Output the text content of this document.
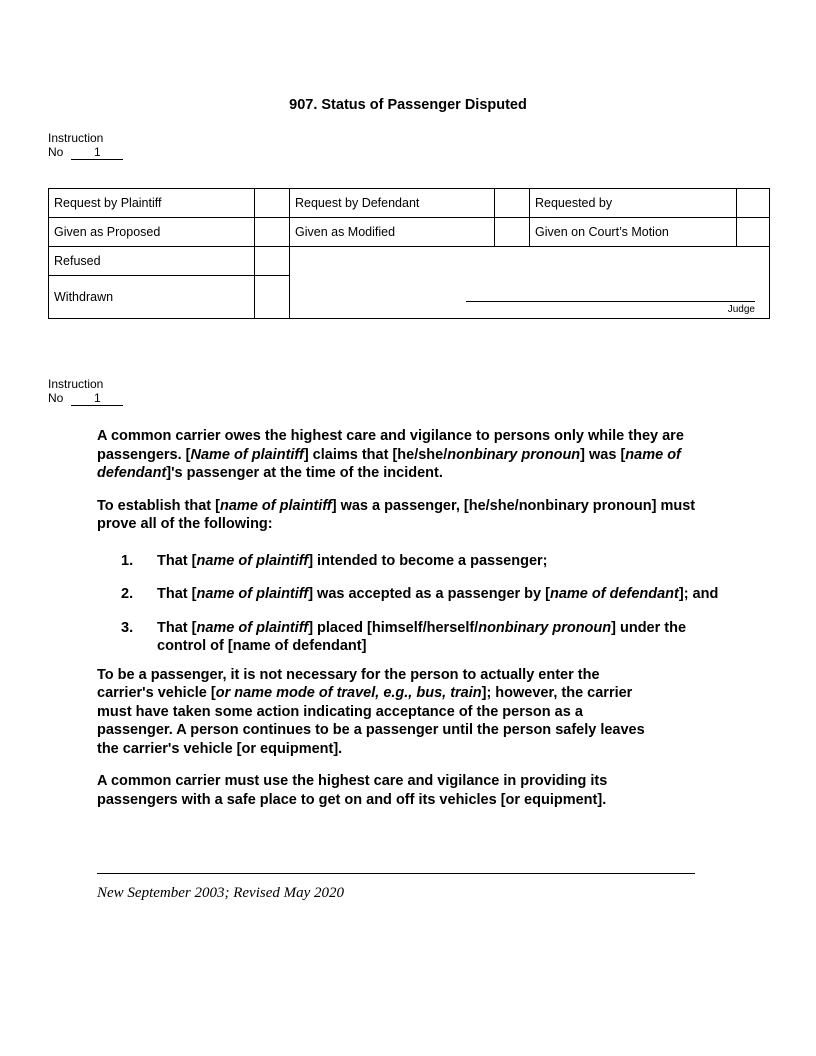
907. Status of Passenger Disputed
Instruction
No	1
Request by Plaintiff		Request by Defendant		Requested by	
Given as Proposed		Given as Modified		Given on Court’s Motion	
Refused		Judge			

Withdrawn					
Instruction
No	1

A common carrier owes the highest care and vigilance to persons only while they are passengers. [Name of plaintiff] claims that [he/she/nonbinary pronoun] was [name of defendant]'s passenger at the time of the incident.

To establish that [name of plaintiff] was a passenger, [he/she/nonbinary pronoun] must prove all of the following:

1. That [name of plaintiff] intended to become a passenger;
2. That [name of plaintiff] was accepted as a passenger by [name of defendant]; and
3. That [name of plaintiff] placed [himself/herself/nonbinary pronoun] under the control of [name of defendant]

To be a passenger, it is not necessary for the person to actually enter the carrier's vehicle [or name mode of travel, e.g., bus, train]; however, the carrier must have taken some action indicating acceptance of the person as a passenger. A person continues to be a passenger until the person safely leaves the carrier's vehicle [or equipment].

A common carrier must use the highest care and vigilance in providing its passengers with a safe place to get on and off its vehicles [or equipment].

New September 2003; Revised May 2020
